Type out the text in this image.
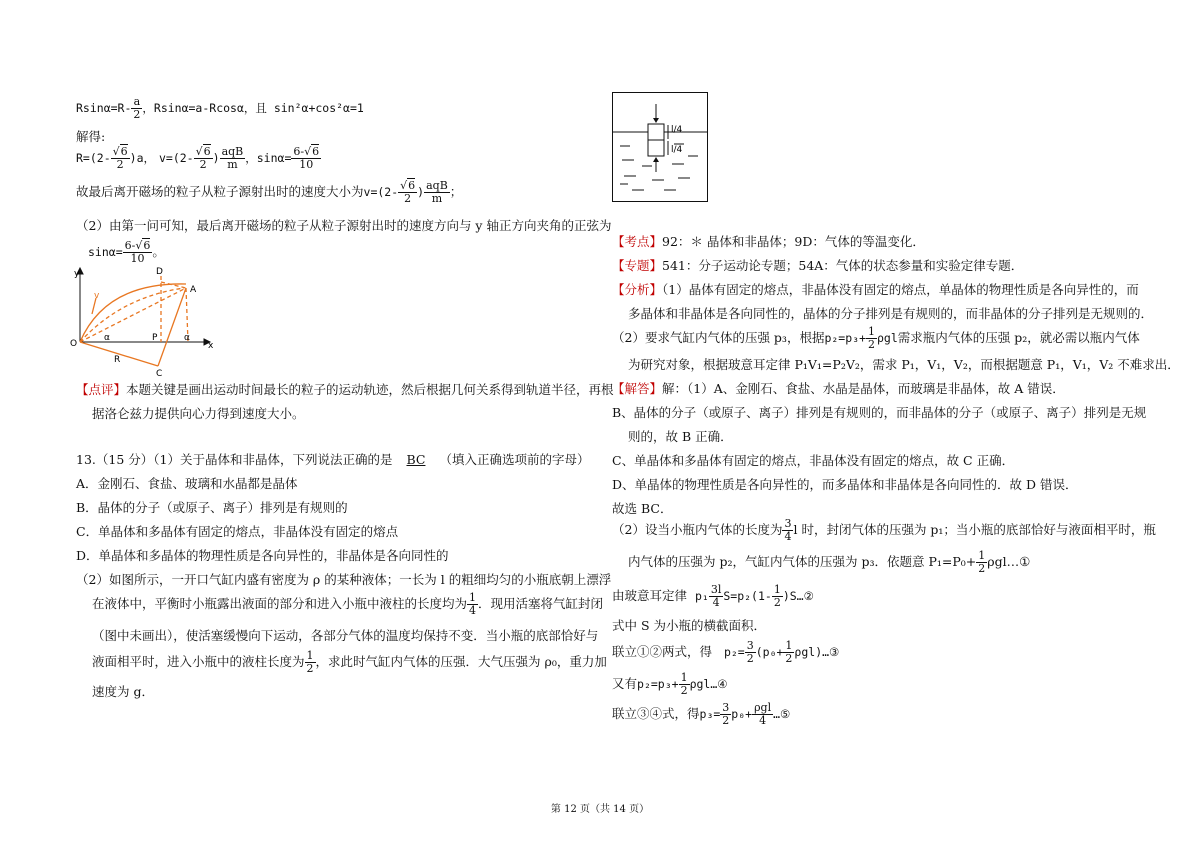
$Rsin\alpha=R- \frac{a}{2}$ ，Rsinα=a-Rcosα，且 sin²α+cos²α=1
解得:
$R=(2- \frac{√6}{2} )a$， $v=(2- \frac{√6}{2}$ ) $\frac{\text{aqB}}{m}$ ，$\sin\alpha= \frac{6-√6}{10}$
故最后离开磁场的粒子从粒子源射出时的速度大小为$v=(2- \frac{√6}{2}$ ) $\frac{\text{aqB}}{m}$ ；
（2）由第一问可知，最后离开磁场的粒子从粒子源射出时的速度方向与 y 轴正方向夹角的正弦为
$\sin\alpha= \frac{6-√6}{10}$ 。
y
v
D
A
O
P
x
C
R
α	α
【点评】本题关键是画出运动时间最长的粒子的运动轨迹，然后根据几何关系得到轨道半径，再根
据洛仑兹力提供向心力得到速度大小。
13.（15 分）（1）关于晶体和非晶体，下列说法正确的是 BC （填入正确选项前的字母）
A．金刚石、食盐、玻璃和水晶都是晶体
B．晶体的分子（或原子、离子）排列是有规则的
C．单晶体和多晶体有固定的熔点，非晶体没有固定的熔点
D．单晶体和多晶体的物理性质是各向异性的，非晶体是各向同性的
（2）如图所示，一开口气缸内盛有密度为 ρ 的某种液体；一长为 l 的粗细均匀的小瓶底朝上漂浮
在液体中，平衡时小瓶露出液面的部分和进入小瓶中液柱的长度均为 $\frac{1}{4}$ ．现用活塞将气缸封闭
（图中未画出），使活塞缓慢向下运动，各部分气体的温度均保持不变．当小瓶的底部恰好与
液面相平时，进入小瓶中的液柱长度为 $\frac{1}{2}$ ，求此时气缸内气体的压强．大气压强为 ρ₀，重力加
速度为 g．
l/4
l/4
【考点】92：＊ 晶体和非晶体；9D：气体的等温变化．
【专题】541：分子运动论专题；54A：气体的状态参量和实验定律专题．
【分析】（1）晶体有固定的熔点，非晶体没有固定的熔点，单晶体的物理性质是各向异性的，而
多晶体和非晶体是各向同性的，晶体的分子排列是有规则的，而非晶体的分子排列是无规则的．
（2）要求气缸内气体的压强 p₃，根据$p_2=p_3+ \frac{1}{2}$ ρgl需求瓶内气体的压强 p₂，就必需以瓶内气体
为研究对象，根据玻意耳定律 P₁V₁=P₂V₂，需求 P₁，V₁，V₂，而根据题意 P₁，V₁，V₂ 不难求出．
【解答】解：（1）A、金刚石、食盐、水晶是晶体，而玻璃是非晶体，故 A 错误．
B、晶体的分子（或原子、离子）排列是有规则的，而非晶体的分子（或原子、离子）排列是无规
则的，故 B 正确．
C、单晶体和多晶体有固定的熔点，非晶体没有固定的熔点，故 C 正确．
D、单晶体的物理性质是各向异性的，而多晶体和非晶体是各向同性的．故 D 错误．
故选 BC．
（2）设当小瓶内气体的长度为 $\frac{3}{4}$ l 时，封闭气体的压强为 p₁；当小瓶的底部恰好与液面相平时，瓶
内气体的压强为 p₂，气缸内气体的压强为 p₃．依题意 $P_1=P_0+ \frac{1}{2}$ ρgl…①
由玻意耳定律 $p_1 \frac{3l}{4} S=p_2(1- \frac{1}{2}$ )S…②
式中 S 为小瓶的横截面积．
联立①②两式，得 $p_2= \frac{3}{2} (p_0+ \frac{1}{2}$ ρgl)…③
又有$p_2=p_3+ \frac{1}{2}$ ρgl…④
联立③④式，得$p_3= \frac{3}{2} p_0+ \frac{\text{ρgl}}{4}$ …⑤
第 12 页（共 14 页）
